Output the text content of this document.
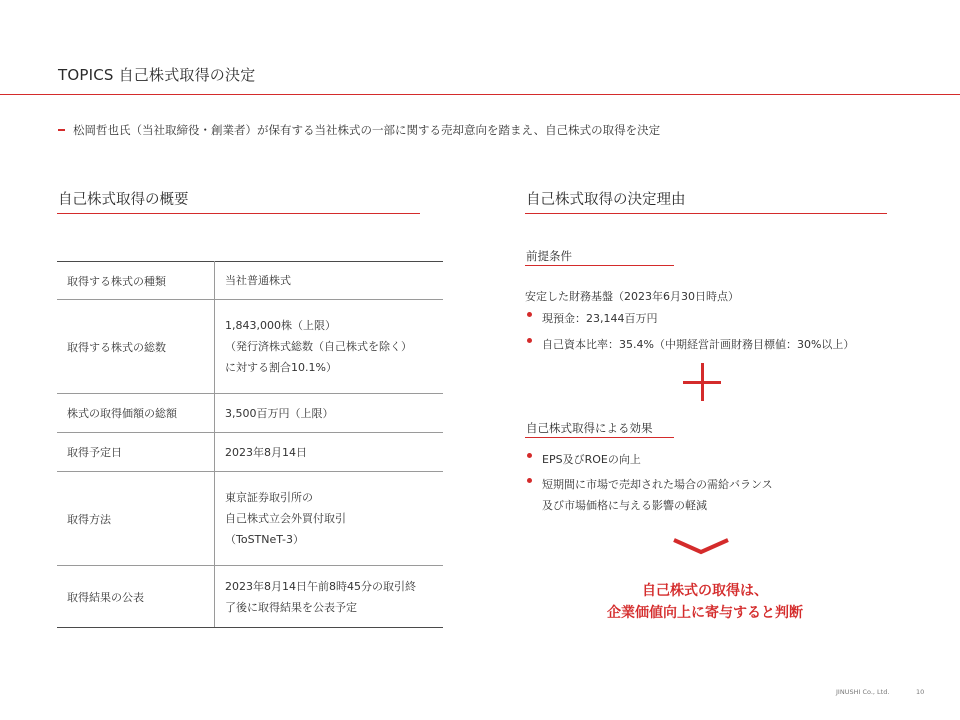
TOPICS 自己株式取得の決定
松岡哲也氏（当社取締役・創業者）が保有する当社株式の一部に関する売却意向を踏まえ、自己株式の取得を決定
自己株式取得の概要
取得する株式の種類	当社普通株式

取得する株式の総数	1,843,000株（上限）
（発行済株式総数（自己株式を除く）
に対する割合10.1%）

株式の取得価額の総額	3,500百万円（上限）

取得予定日	2023年8月14日

取得方法	東京証券取引所の
自己株式立会外買付取引
（ToSTNeT-3）

取得結果の公表	2023年8月14日午前8時45分の取引終
了後に取得結果を公表予定
自己株式取得の決定理由
前提条件
安定した財務基盤（2023年6月30日時点）
現預金：23,144百万円
自己資本比率：35.4%（中期経営計画財務目標値：30%以上）
自己株式取得による効果
EPS及びROEの向上
短期間に市場で売却された場合の需給バランス
及び市場価格に与える影響の軽減
自己株式の取得は、
企業価値向上に寄与すると判断
JINUSHI Co., Ltd.	10
